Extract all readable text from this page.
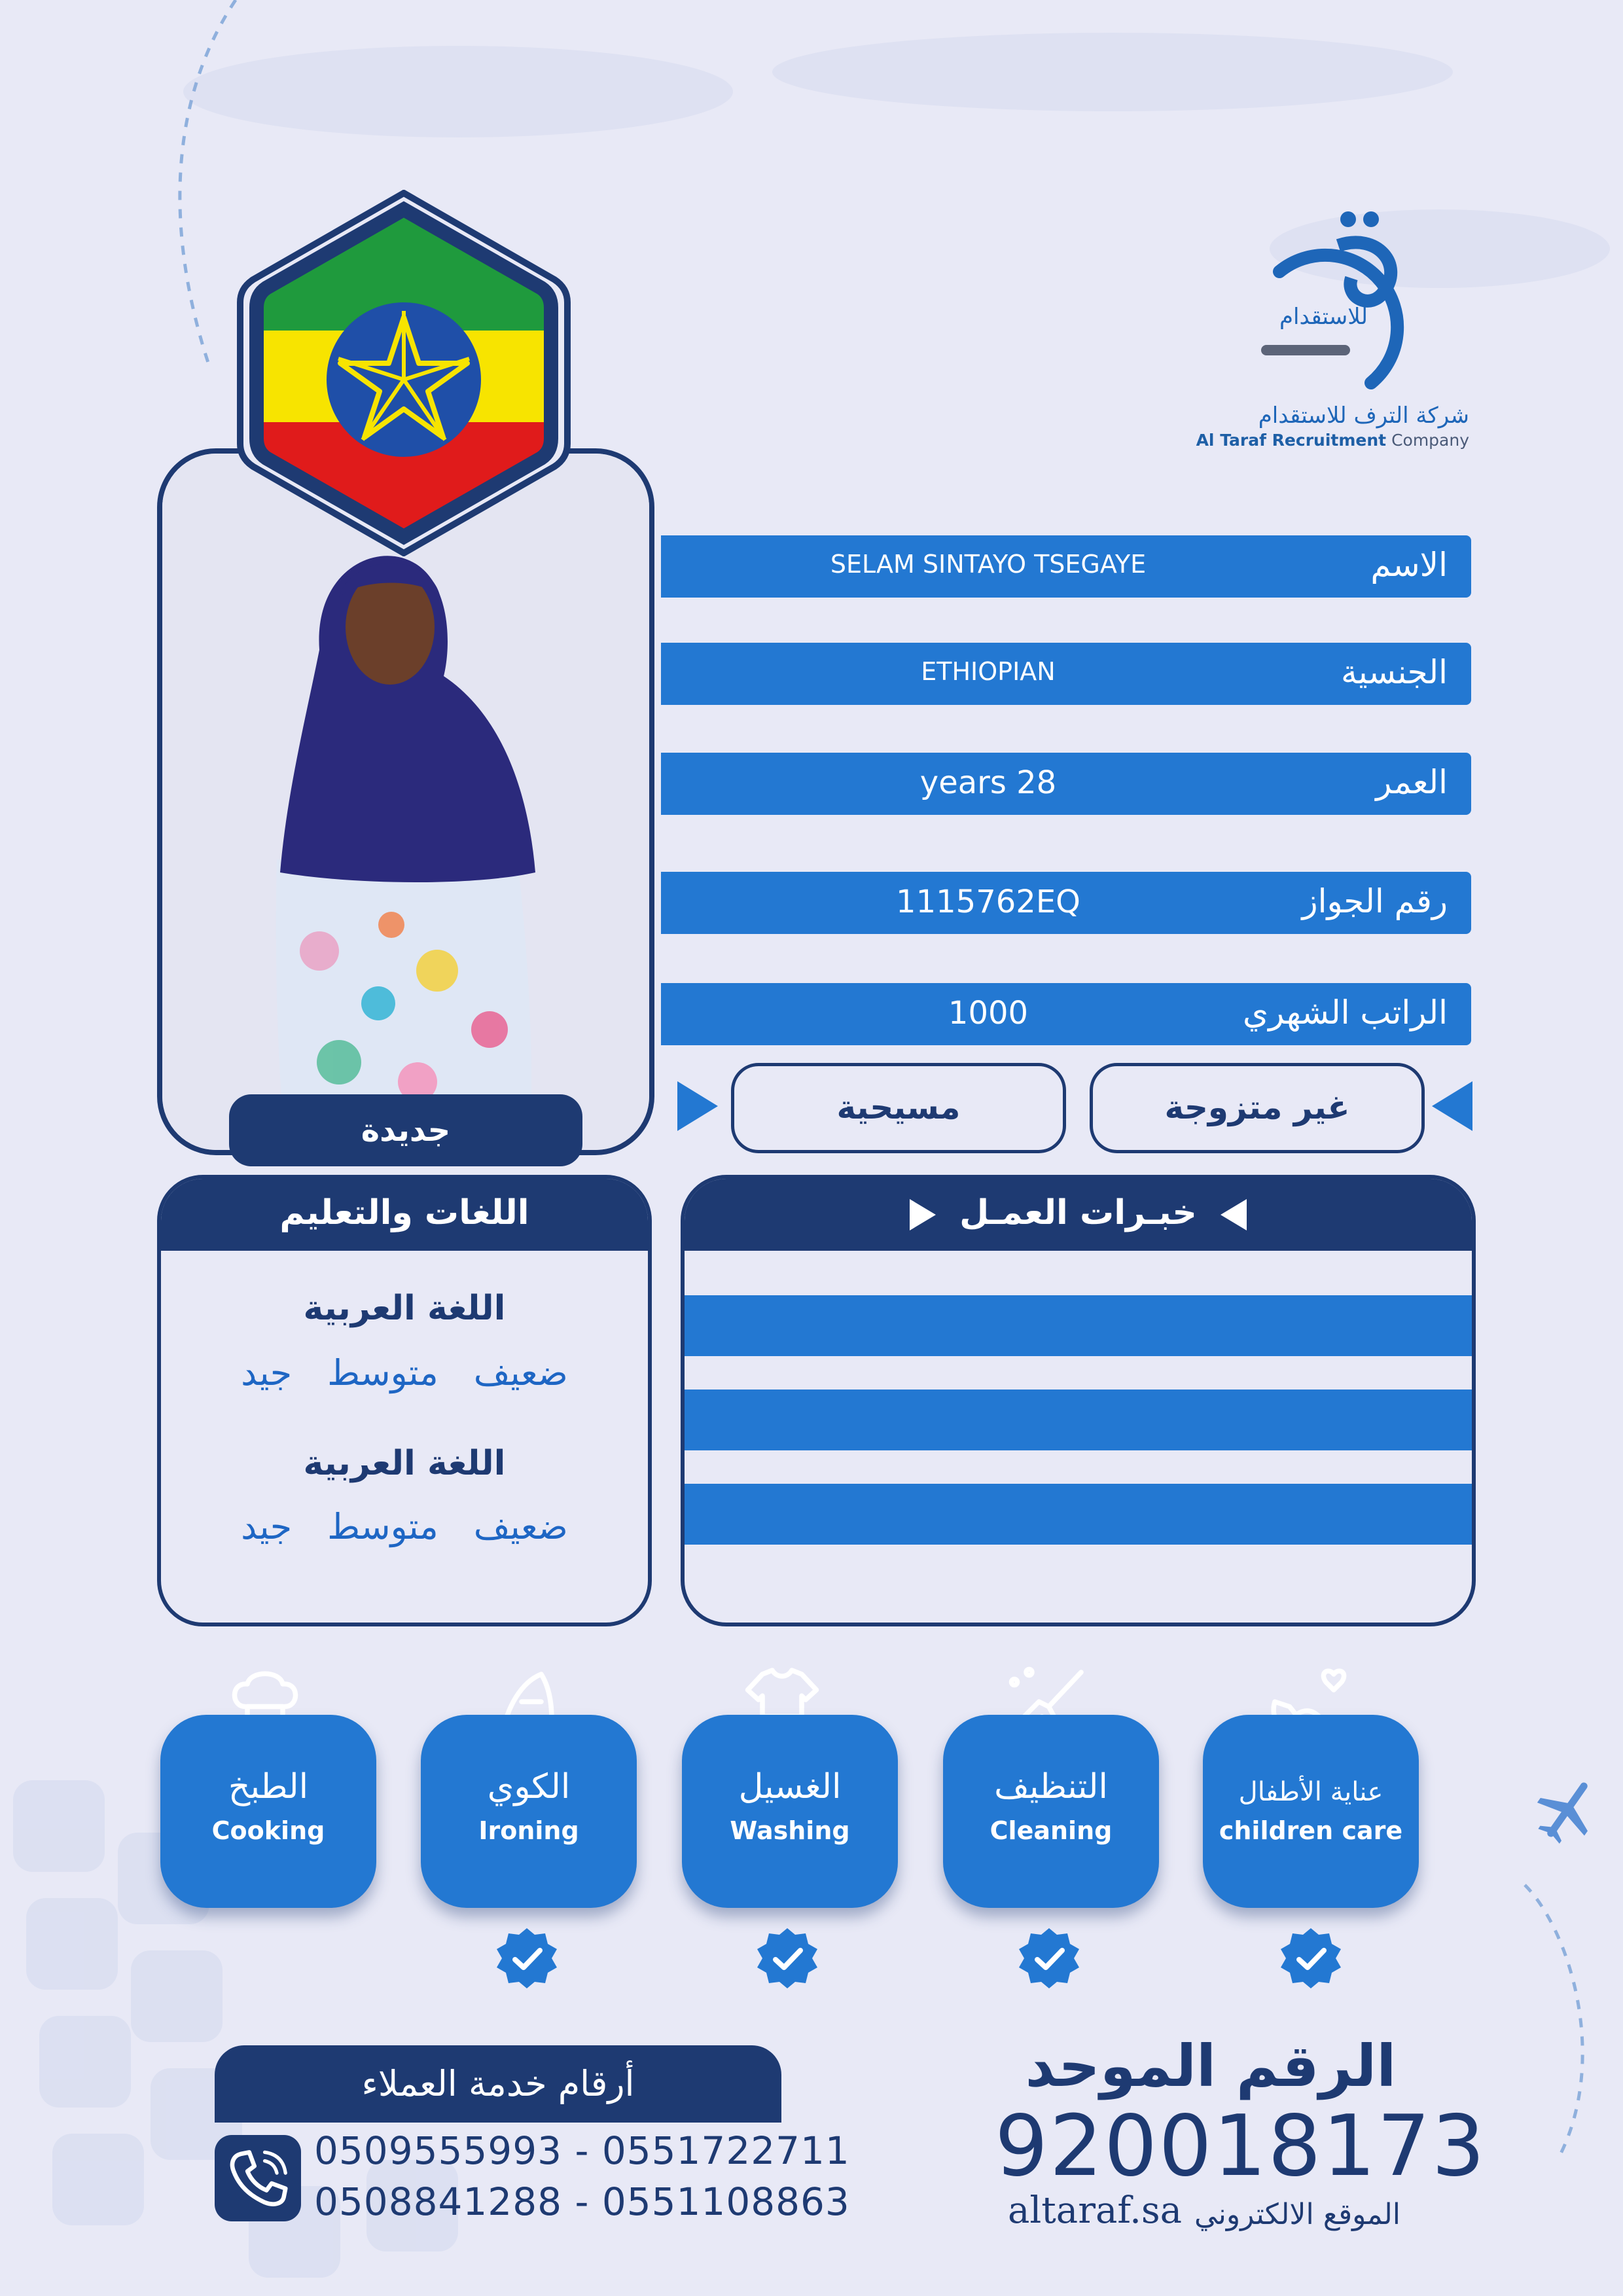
للاستقدام
شركة الترف للاستقدام
Al Taraf Recruitment Company
جديدة
SELAM SINTAYO TSEGAYE	الاسم
ETHIOPIAN	الجنسية
years 28	العمر
1115762EQ	رقم الجواز
1000	الراتب الشهري
مسيحية	غير متزوجة
اللغات والتعليم
اللغة العربية
ضعيف
متوسط
جيد
اللغة العربية
ضعيف
متوسط
جيد
خبـرات العمـل
الطبخ
Cooking
الكوي
Ironing
الغسيل
Washing
التنظيف
Cleaning
عناية الأطفال
children care
أرقام خدمة العملاء
0509555993 - 0551722711
0508841288 - 0551108863
الرقم الموحد
920018173
altaraf.sa الموقع الالكتروني
